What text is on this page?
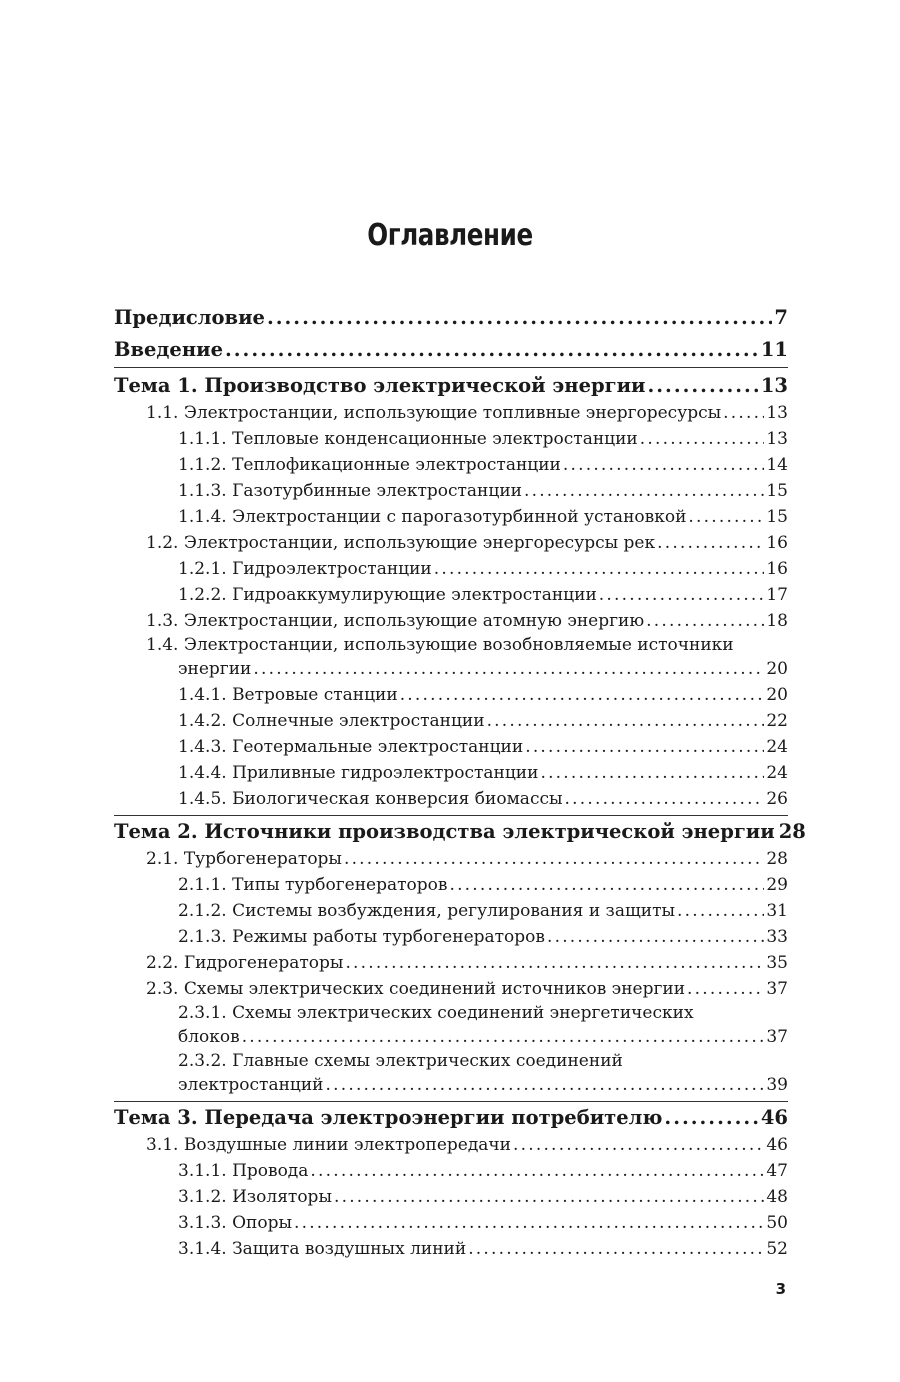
Оглавление
Предисловие . . .	7
Введение . . .	11
Тема 1. Производство электрической энергии . . .	13
1.1. Электростанции, использующие топливные энергоресурсы . . .	13
1.1.1. Тепловые конденсационные электростанции . . .	13
1.1.2. Теплофикационные электростанции . . .	14
1.1.3. Газотурбинные электростанции . . .	15
1.1.4. Электростанции с парогазотурбинной установкой . . .	15
1.2. Электростанции, использующие энергоресурсы рек . . .	16
1.2.1. Гидроэлектростанции . . .	16
1.2.2. Гидроаккумулирующие электростанции . . .	17
1.3. Электростанции, использующие атомную энергию . . .	18
1.4. Электростанции, использующие возобновляемые источники
энергии . . .	20
1.4.1. Ветровые станции . . .	20
1.4.2. Солнечные электростанции . . .	22
1.4.3. Геотермальные электростанции . . .	24
1.4.4. Приливные гидроэлектростанции . . .	24
1.4.5. Биологическая конверсия биомассы . . .	26
Тема 2. Источники производства электрической энергии 28
2.1. Турбогенераторы . . .	28
2.1.1. Типы турбогенераторов . . .	29
2.1.2. Системы возбуждения, регулирования и защиты . . .	31
2.1.3. Режимы работы турбогенераторов . . .	33
2.2. Гидрогенераторы . . .	35
2.3. Схемы электрических соединений источников энергии . . .	37
2.3.1. Схемы электрических соединений энергетических
блоков . . .	37
2.3.2. Главные схемы электрических соединений
электростанций . . .	39
Тема 3. Передача электроэнергии потребителю . . .	46
3.1. Воздушные линии электропередачи . . .	46
3.1.1. Провода . . .	47
3.1.2. Изоляторы . . .	48
3.1.3. Опоры . . .	50
3.1.4. Защита воздушных линий . . .	52
3
